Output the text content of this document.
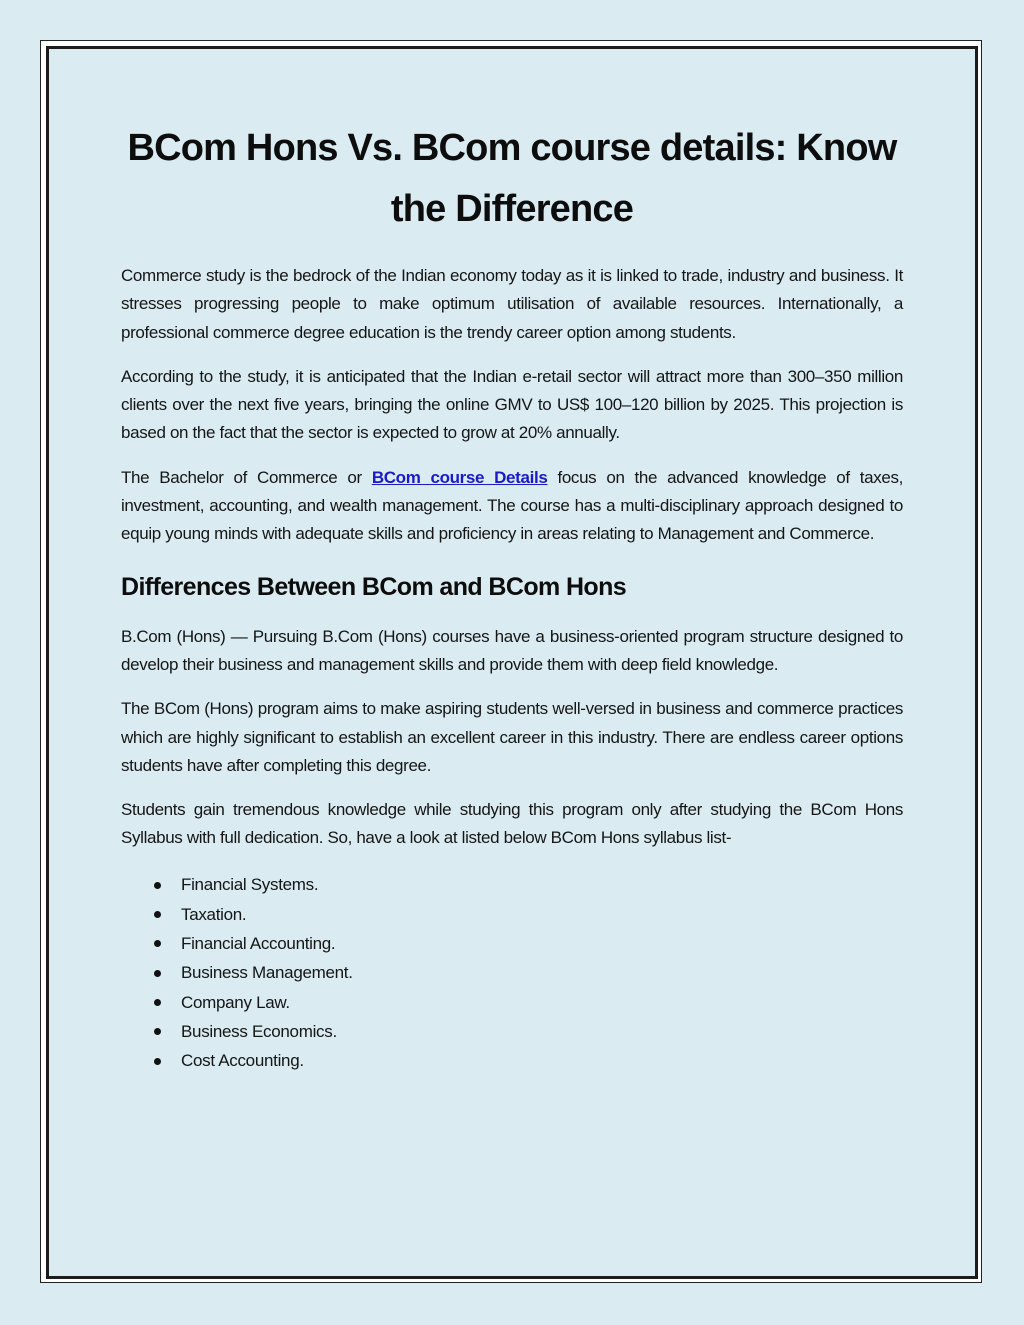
BCom Hons Vs. BCom course details: Know the Difference

Commerce study is the bedrock of the Indian economy today as it is linked to trade, industry and business. It stresses progressing people to make optimum utilisation of available resources. Internationally, a professional commerce degree education is the trendy career option among students.

According to the study, it is anticipated that the Indian e-retail sector will attract more than 300–350 million clients over the next five years, bringing the online GMV to US$ 100–120 billion by 2025. This projection is based on the fact that the sector is expected to grow at 20% annually.

The Bachelor of Commerce or BCom course Details focus on the advanced knowledge of taxes, investment, accounting, and wealth management. The course has a multi-disciplinary approach designed to equip young minds with adequate skills and proficiency in areas relating to Management and Commerce.

Differences Between BCom and BCom Hons

B.Com (Hons) — Pursuing B.Com (Hons) courses have a business-oriented program structure designed to develop their business and management skills and provide them with deep field knowledge.

The BCom (Hons) program aims to make aspiring students well-versed in business and commerce practices which are highly significant to establish an excellent career in this industry. There are endless career options students have after completing this degree.

Students gain tremendous knowledge while studying this program only after studying the BCom Hons Syllabus with full dedication. So, have a look at listed below BCom Hons syllabus list-

Financial Systems.
Taxation.
Financial Accounting.
Business Management.
Company Law.
Business Economics.
Cost Accounting.
